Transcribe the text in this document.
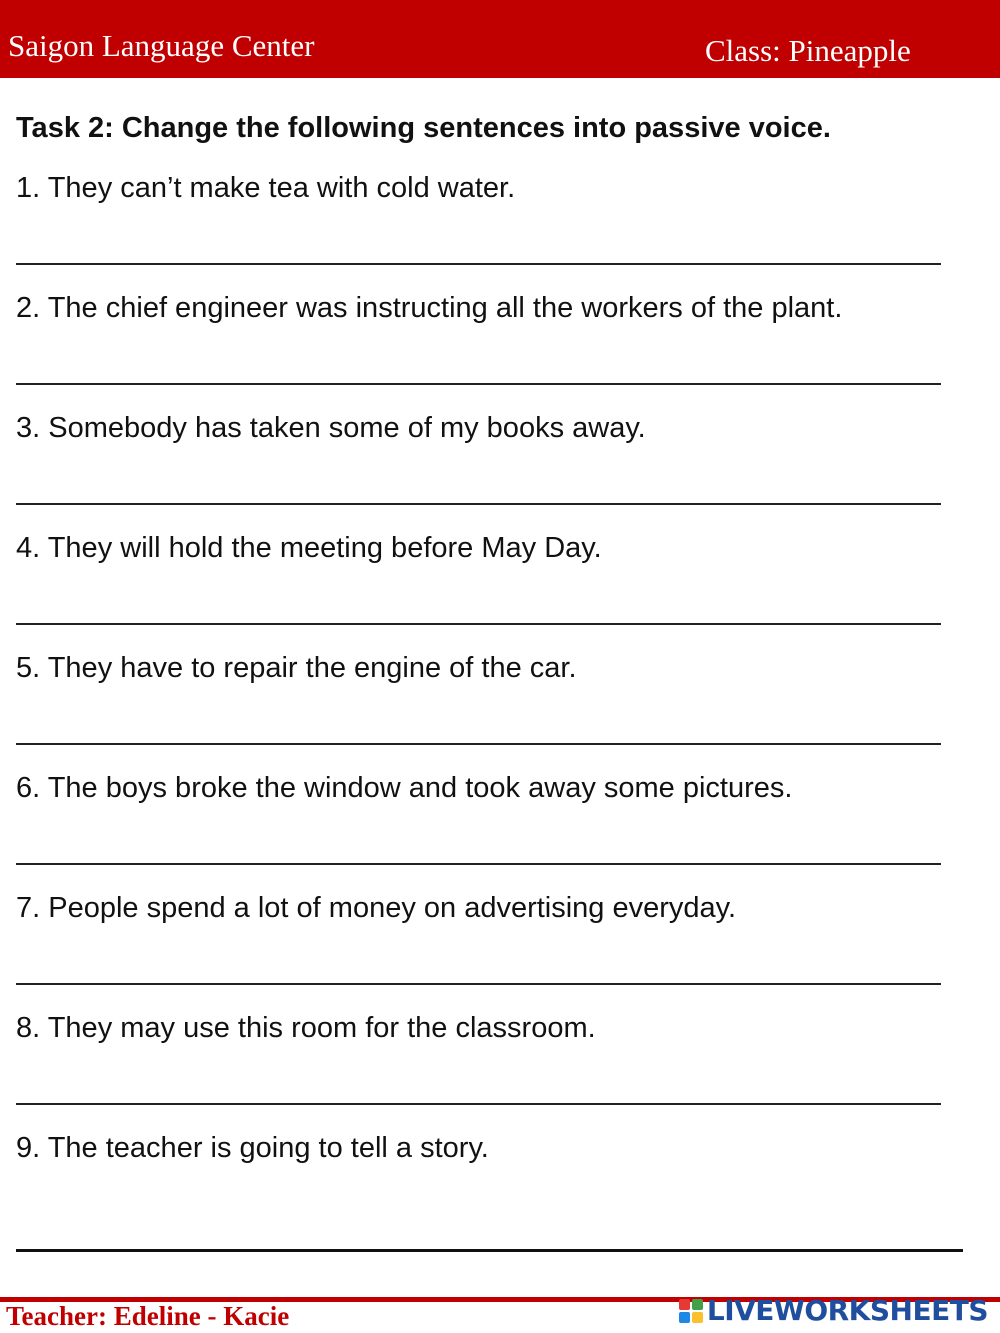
Saigon Language Center	Class: Pineapple
Task 2: Change the following sentences into passive voice.
1. They can’t make tea with cold water.
2. The chief engineer was instructing all the workers of the plant.
3. Somebody has taken some of my books away.
4. They will hold the meeting before May Day.
5. They have to repair the engine of the car.
6. The boys broke the window and took away some pictures.
7. People spend a lot of money on advertising everyday.
8. They may use this room for the classroom.
9. The teacher is going to tell a story.
Teacher: Edeline - Kacie	LIVEWORKSHEETS
